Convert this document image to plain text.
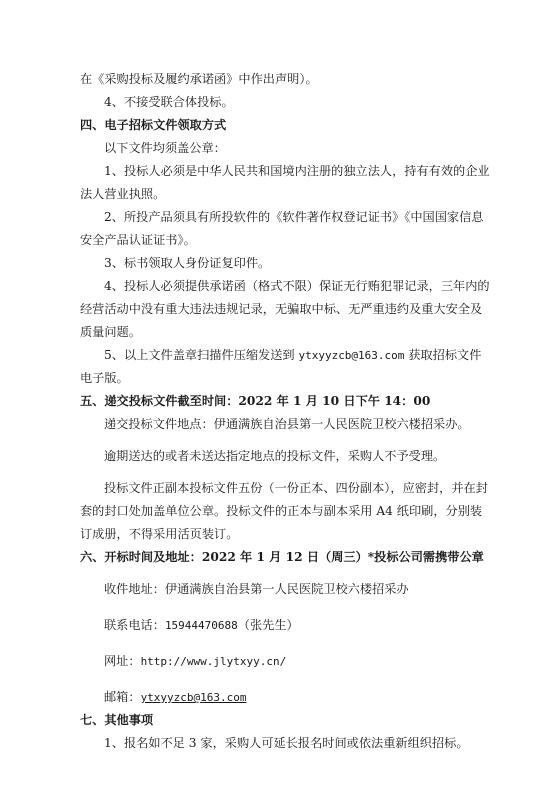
在《采购投标及履约承诺函》中作出声明）。

4、不接受联合体投标。

四、电子招标文件领取方式

以下文件均须盖公章：

1、投标人必须是中华人民共和国境内注册的独立法人，持有有效的企业法人营业执照。

2、所投产品须具有所投软件的《软件著作权登记证书》《中国国家信息安全产品认证证书》。

3、标书领取人身份证复印件。

4、投标人必须提供承诺函（格式不限）保证无行贿犯罪记录，三年内的经营活动中没有重大违法违规记录，无骗取中标、无严重违约及重大安全及质量问题。

5、以上文件盖章扫描件压缩发送到 ytxyyzcb@163.com 获取招标文件电子版。

五、递交投标文件截至时间：2022 年 1 月 10 日下午 14：00

递交投标文件地点：伊通满族自治县第一人民医院卫校六楼招采办。

逾期送达的或者未送达指定地点的投标文件，采购人不予受理。

投标文件正副本投标文件五份（一份正本、四份副本），应密封，并在封套的封口处加盖单位公章。投标文件的正本与副本采用 A4 纸印刷，分别装订成册，不得采用活页装订。

六、开标时间及地址：2022 年 1 月 12 日（周三）*投标公司需携带公章

收件地址：伊通满族自治县第一人民医院卫校六楼招采办

联系电话：15944470688（张先生）

网址：http://www.jlytxyy.cn/

邮箱：ytxyyzcb@163.com

七、其他事项

1、报名如不足 3 家，采购人可延长报名时间或依法重新组织招标。
